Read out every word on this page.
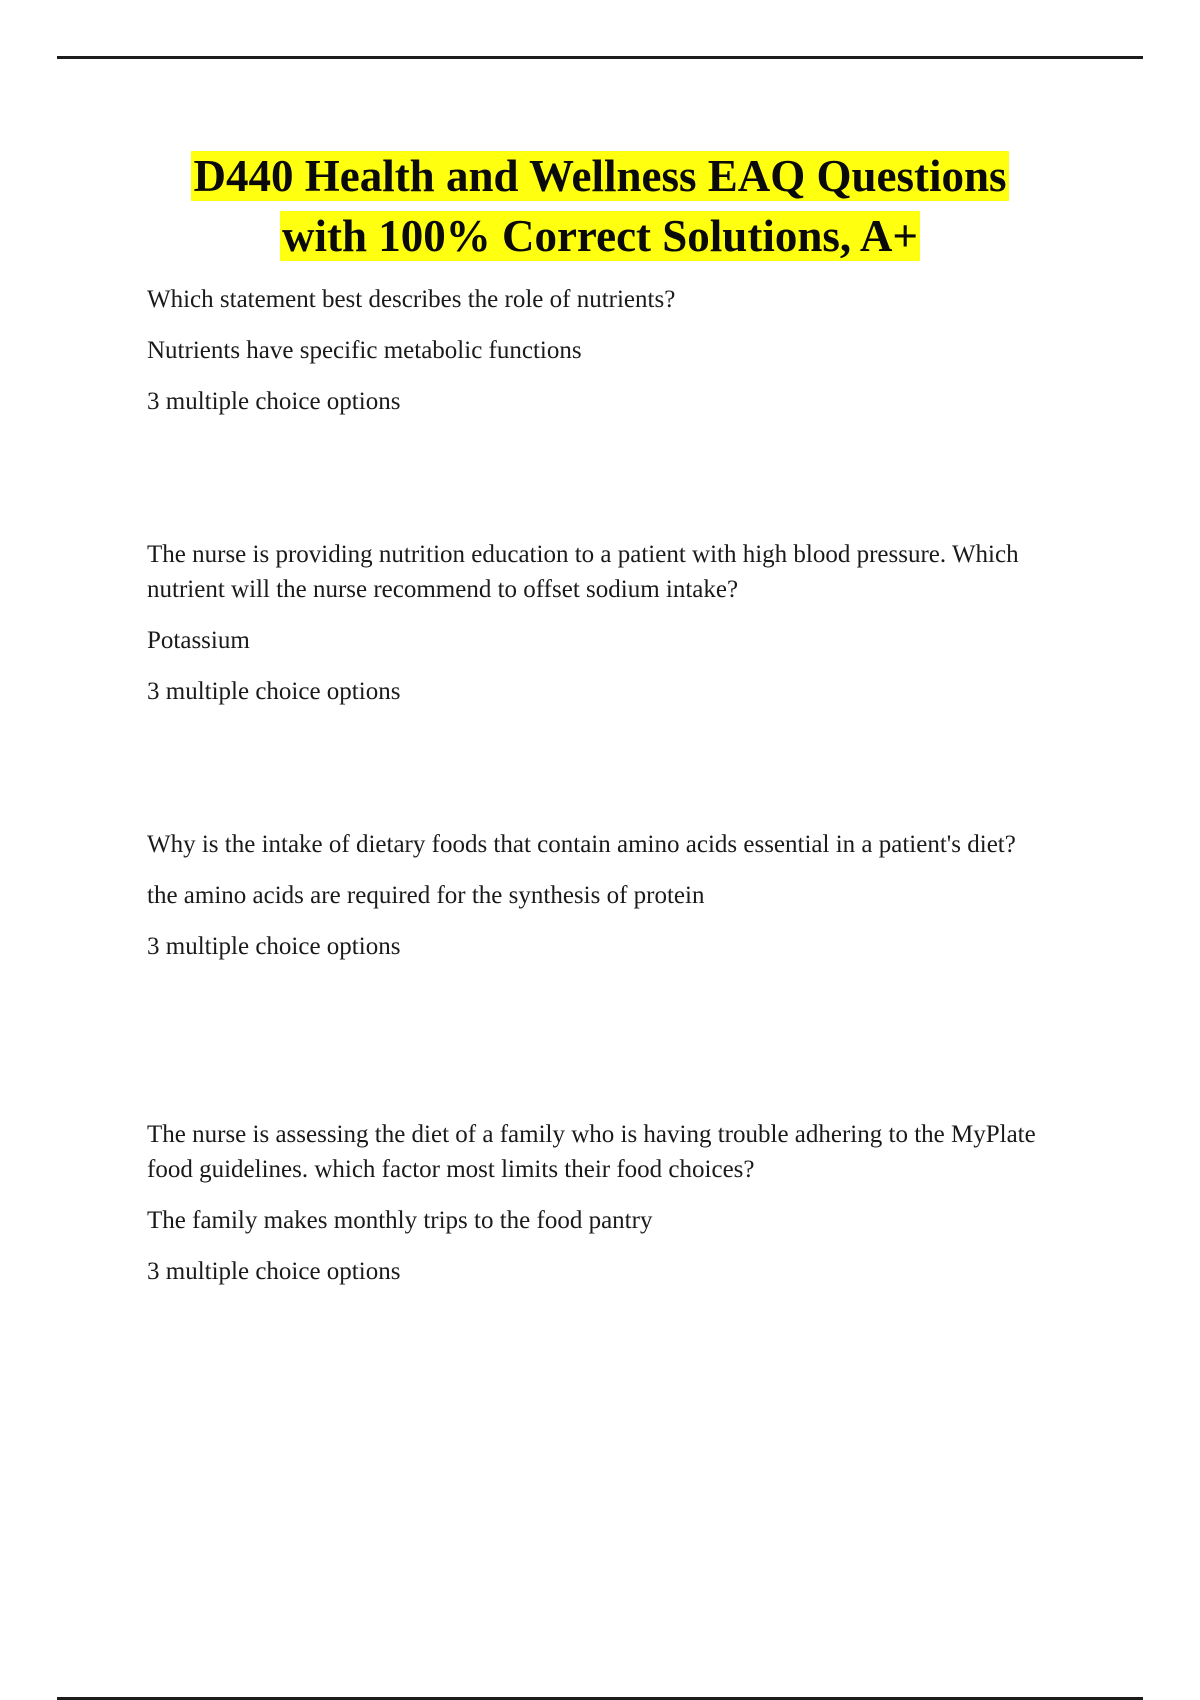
D440 Health and Wellness EAQ Questions
with 100% Correct Solutions, A+

Which statement best describes the role of nutrients?

Nutrients have specific metabolic functions

3 multiple choice options

The nurse is providing nutrition education to a patient with high blood pressure. Which nutrient will the nurse recommend to offset sodium intake?

Potassium

3 multiple choice options

Why is the intake of dietary foods that contain amino acids essential in a patient's diet?

the amino acids are required for the synthesis of protein

3 multiple choice options

The nurse is assessing the diet of a family who is having trouble adhering to the MyPlate food guidelines. which factor most limits their food choices?

The family makes monthly trips to the food pantry

3 multiple choice options
